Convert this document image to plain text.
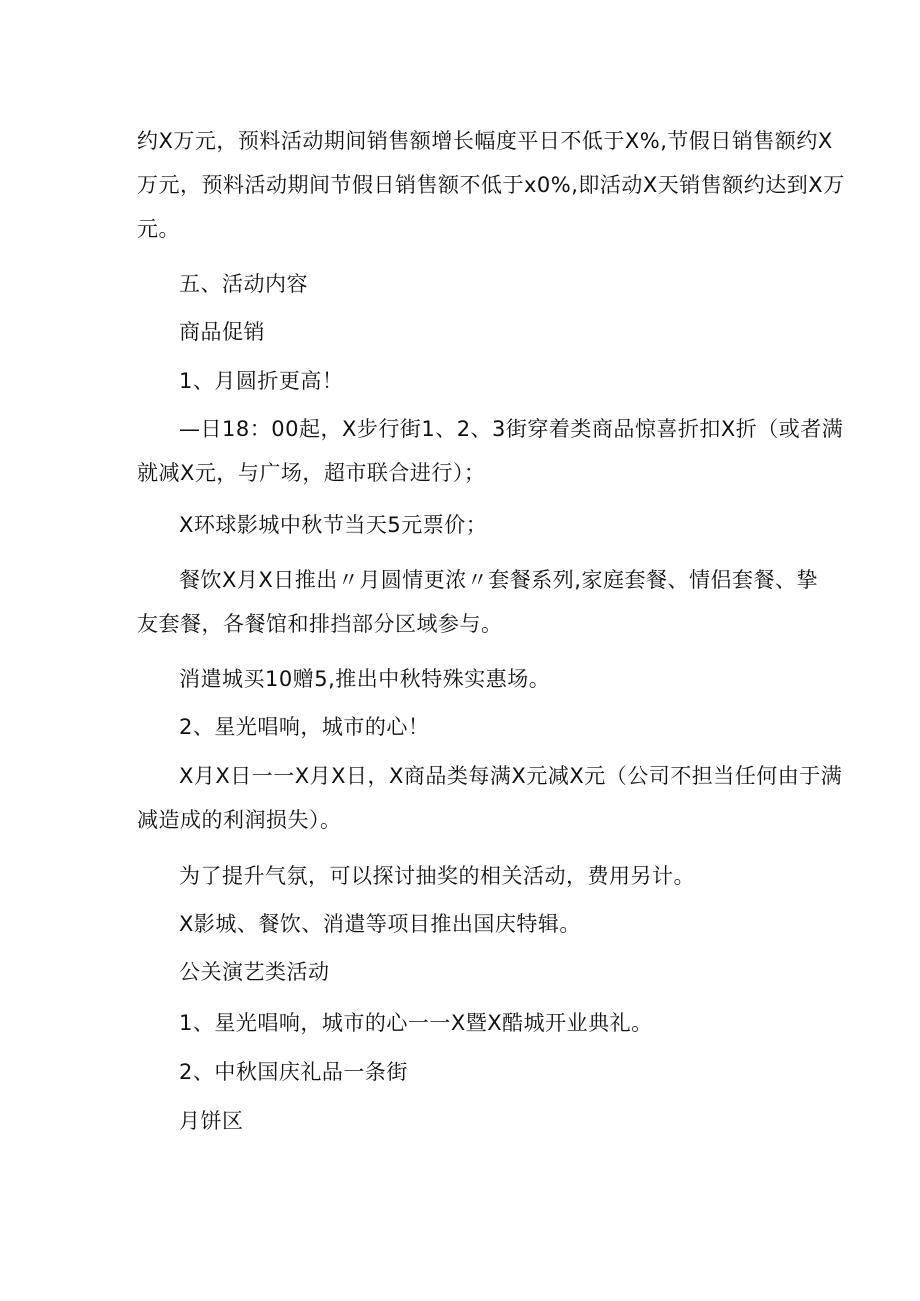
约X万元，预料活动期间销售额增长幅度平日不低于X%,节假日销售额约X
万元，预料活动期间节假日销售额不低于x0%,即活动X天销售额约达到X万
元。

五、活动内容

商品促销

1、月圆折更高！

—日18：00起，X步行街1、2、3街穿着类商品惊喜折扣X折（或者满
就减X元，与广场，超市联合进行）；

X环球影城中秋节当天5元票价；

餐饮X月X日推出〃月圆情更浓〃套餐系列,家庭套餐、情侣套餐、挚
友套餐，各餐馆和排挡部分区域参与。

消遣城买10赠5,推出中秋特殊实惠场。

2、星光唱响，城市的心！

X月X日一一X月X日，X商品类每满X元减X元（公司不担当任何由于满
减造成的利润损失）。

为了提升气氛，可以探讨抽奖的相关活动，费用另计。

X影城、餐饮、消遣等项目推出国庆特辑。

公关演艺类活动

1、星光唱响，城市的心一一X暨X酷城开业典礼。

2、中秋国庆礼品一条街

月饼区
